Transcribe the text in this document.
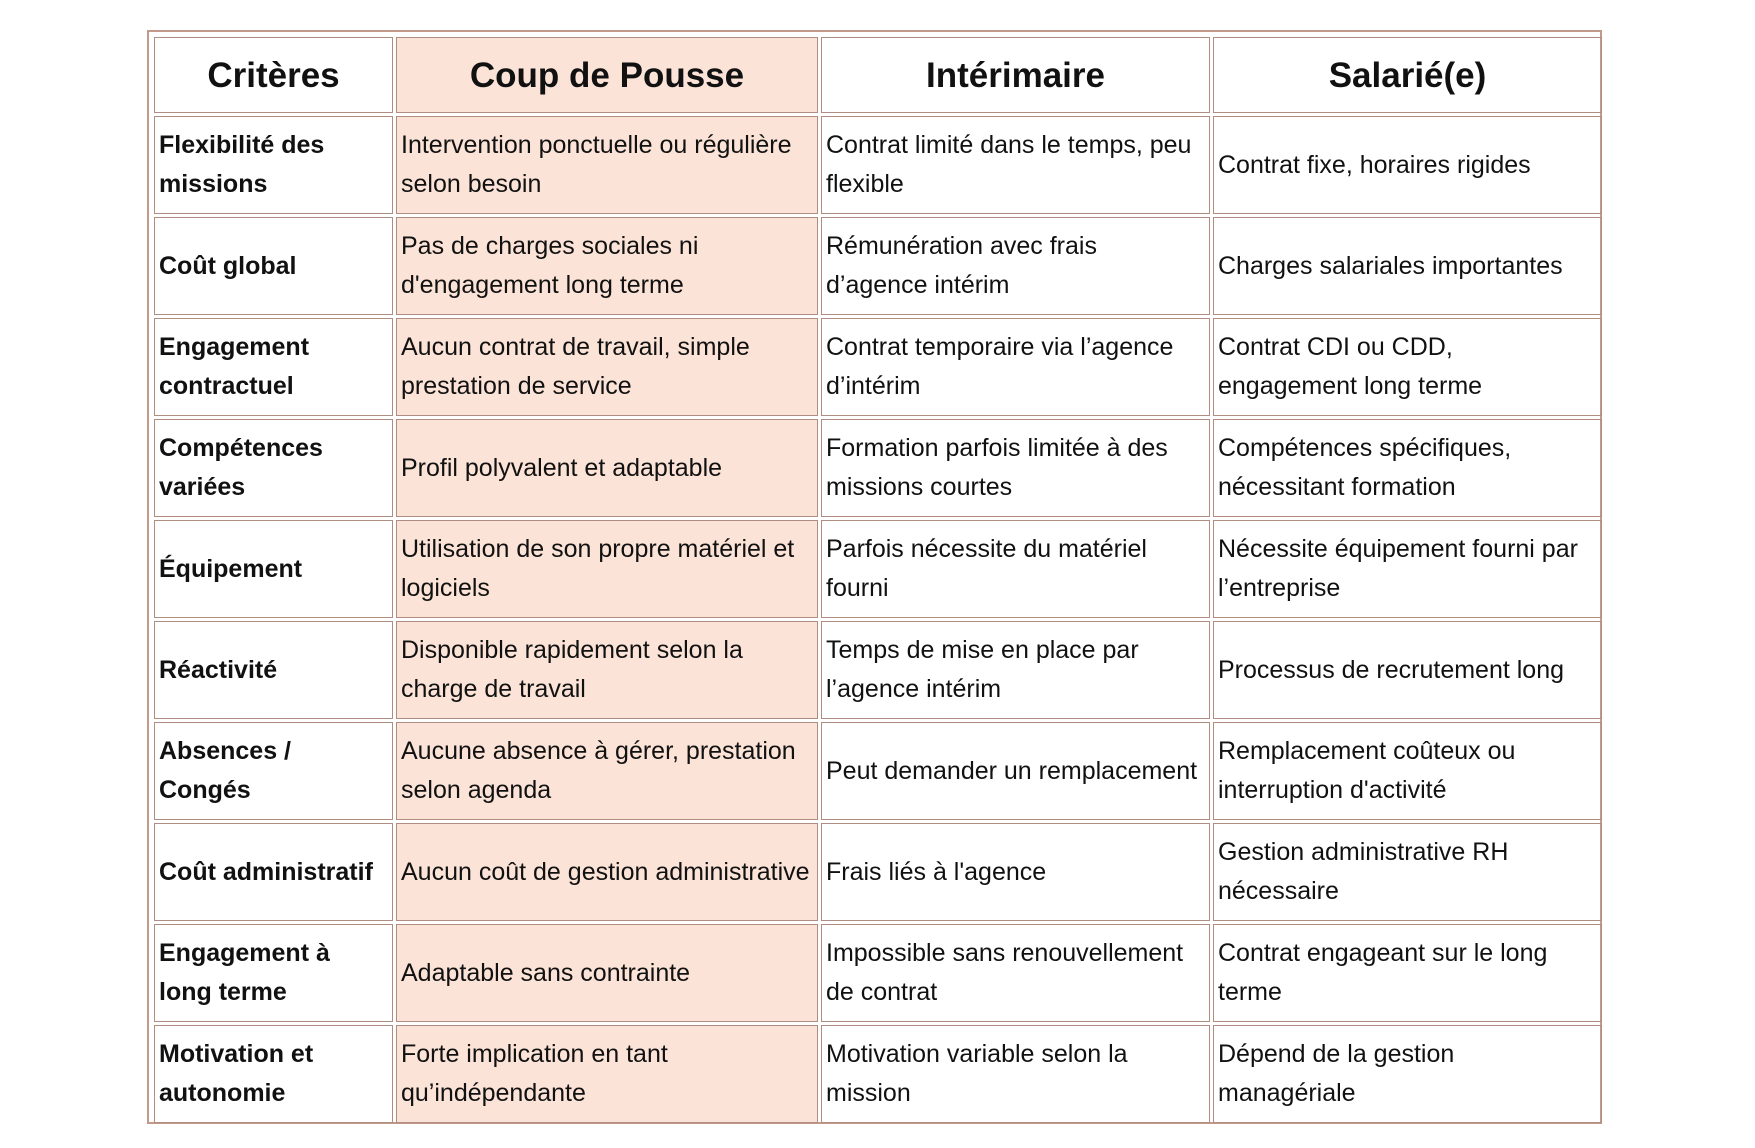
Critères	Coup de Pousse	Intérimaire	Salarié(e)
Flexibilité des missions	Intervention ponctuelle ou régulière selon besoin	Contrat limité dans le temps, peu flexible	Contrat fixe, horaires rigides
Coût global	Pas de charges sociales ni d'engagement long terme	Rémunération avec frais d’agence intérim	Charges salariales importantes
Engagement contractuel	Aucun contrat de travail, simple prestation de service	Contrat temporaire via l’agence d’intérim	Contrat CDI ou CDD, engagement long terme
Compétences variées	Profil polyvalent et adaptable	Formation parfois limitée à des missions courtes	Compétences spécifiques, nécessitant formation
Équipement	Utilisation de son propre matériel et logiciels	Parfois nécessite du matériel fourni	Nécessite équipement fourni par l’entreprise
Réactivité	Disponible rapidement selon la charge de travail	Temps de mise en place par l’agence intérim	Processus de recrutement long
Absences / Congés	Aucune absence à gérer, prestation selon agenda	Peut demander un remplacement	Remplacement coûteux ou interruption d'activité
Coût administratif	Aucun coût de gestion administrative	Frais liés à l'agence	Gestion administrative RH nécessaire
Engagement à long terme	Adaptable sans contrainte	Impossible sans renouvellement de contrat	Contrat engageant sur le long terme
Motivation et autonomie	Forte implication en tant qu’indépendante	Motivation variable selon la mission	Dépend de la gestion managériale
